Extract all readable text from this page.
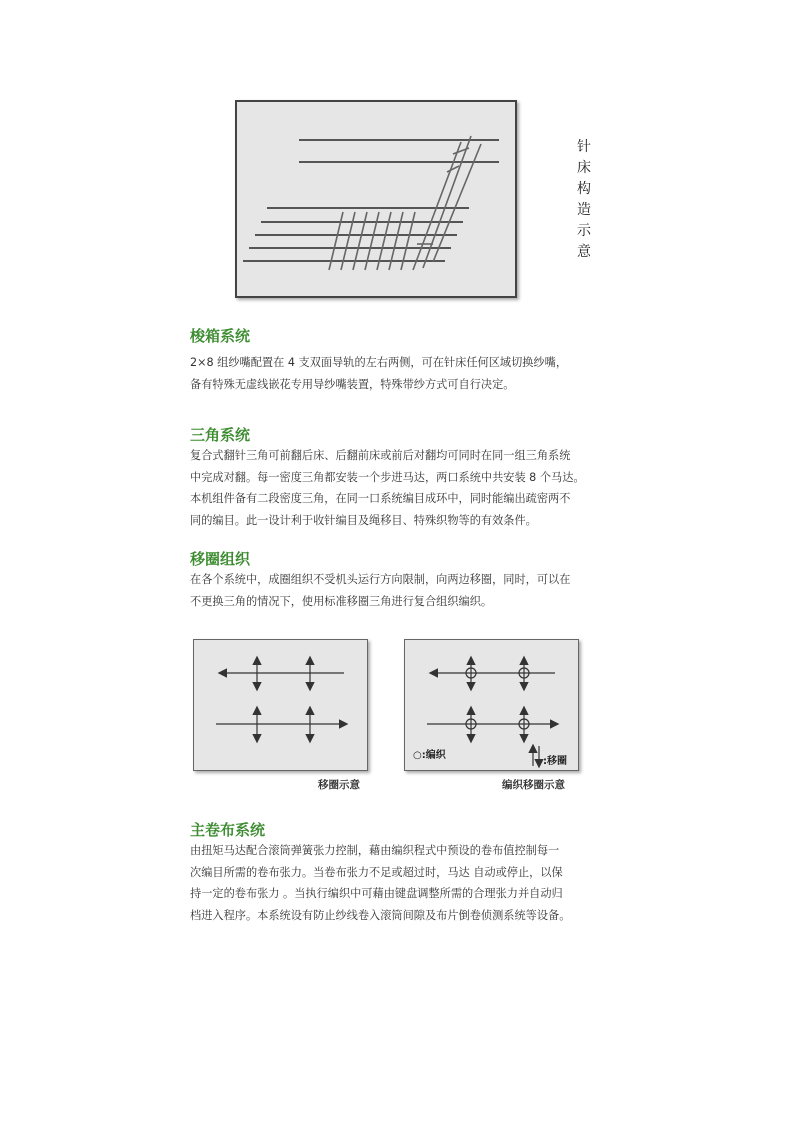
针
床
构
造
示
意
梭箱系统

2×8 组纱嘴配置在 4 支双面导轨的左右两侧，可在针床任何区域切换纱嘴，

备有特殊无虚线嵌花专用导纱嘴装置，特殊带纱方式可自行决定。

三角系统

复合式翻针三角可前翻后床、后翻前床或前后对翻均可同时在同一组三角系统

中完成对翻。每一密度三角都安装一个步进马达，两口系统中共安装 8 个马达。

本机组件备有二段密度三角，在同一口系统编目成环中，同时能编出疏密两不

同的编目。此一设计利于收针编目及绳移目、特殊织物等的有效条件。

移圈组织

在各个系统中，成圈组织不受机头运行方向限制，向两边移圈，同时，可以在

不更换三角的情况下，使用标准移圈三角进行复合组织编织。

移圈示意
○:编织
:移圈
编织移圈示意
主卷布系统

由扭矩马达配合滚筒弹簧张力控制，藉由编织程式中预设的卷布值控制每一

次编目所需的卷布张力。当卷布张力不足或超过时，马达 自动或停止，以保

持一定的卷布张力 。当执行编织中可藉由键盘调整所需的合理张力并自动归

档进入程序。本系统设有防止纱线卷入滚筒间隙及布片倒卷侦测系统等设备。
